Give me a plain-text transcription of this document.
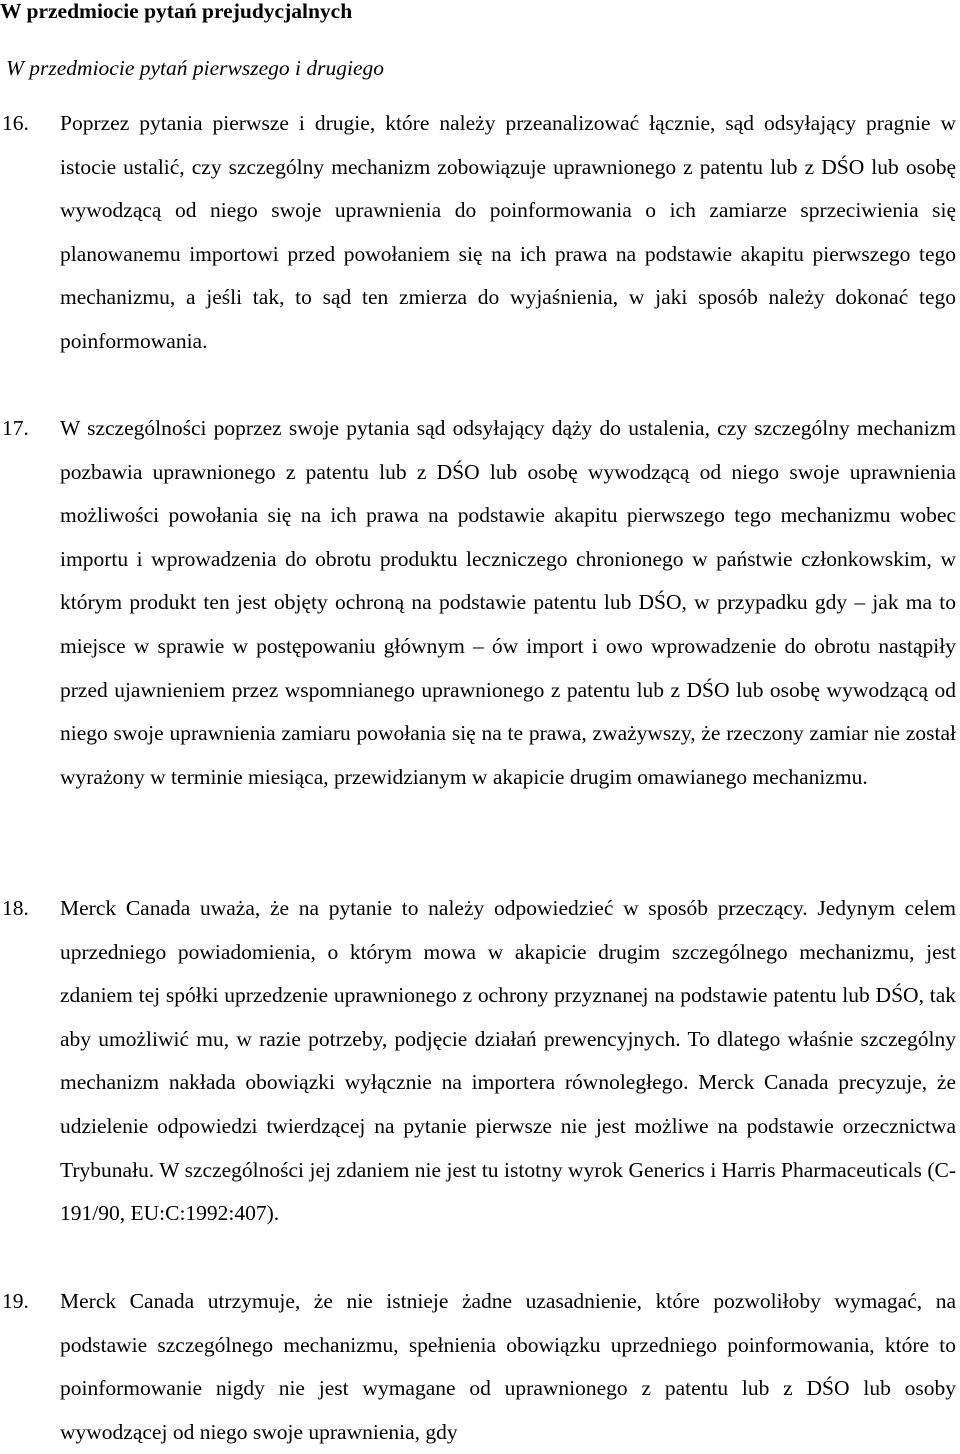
W przedmiocie pytań prejudycjalnych
W przedmiocie pytań pierwszego i drugiego
16. Poprzez pytania pierwsze i drugie, które należy przeanalizować łącznie, sąd odsyłający pragnie w istocie ustalić, czy szczególny mechanizm zobowiązuje uprawnionego z patentu lub z DŚO lub osobę wywodzącą od niego swoje uprawnienia do poinformowania o ich zamiarze sprzeciwienia się planowanemu importowi przed powołaniem się na ich prawa na podstawie akapitu pierwszego tego mechanizmu, a jeśli tak, to sąd ten zmierza do wyjaśnienia, w jaki sposób należy dokonać tego poinformowania.
17. W szczególności poprzez swoje pytania sąd odsyłający dąży do ustalenia, czy szczególny mechanizm pozbawia uprawnionego z patentu lub z DŚO lub osobę wywodzącą od niego swoje uprawnienia możliwości powołania się na ich prawa na podstawie akapitu pierwszego tego mechanizmu wobec importu i wprowadzenia do obrotu produktu leczniczego chronionego w państwie członkowskim, w którym produkt ten jest objęty ochroną na podstawie patentu lub DŚO, w przypadku gdy – jak ma to miejsce w sprawie w postępowaniu głównym – ów import i owo wprowadzenie do obrotu nastąpiły przed ujawnieniem przez wspomnianego uprawnionego z patentu lub z DŚO lub osobę wywodzącą od niego swoje uprawnienia zamiaru powołania się na te prawa, zważywszy, że rzeczony zamiar nie został wyrażony w terminie miesiąca, przewidzianym w akapicie drugim omawianego mechanizmu.
18. Merck Canada uważa, że na pytanie to należy odpowiedzieć w sposób przeczący. Jedynym celem uprzedniego powiadomienia, o którym mowa w akapicie drugim szczególnego mechanizmu, jest zdaniem tej spółki uprzedzenie uprawnionego z ochrony przyznanej na podstawie patentu lub DŚO, tak aby umożliwić mu, w razie potrzeby, podjęcie działań prewencyjnych. To dlatego właśnie szczególny mechanizm nakłada obowiązki wyłącznie na importera równoległego. Merck Canada precyzuje, że udzielenie odpowiedzi twierdzącej na pytanie pierwsze nie jest możliwe na podstawie orzecznictwa Trybunału. W szczególności jej zdaniem nie jest tu istotny wyrok Generics i Harris Pharmaceuticals (C-191/90, EU:C:1992:407).
19. Merck Canada utrzymuje, że nie istnieje żadne uzasadnienie, które pozwoliłoby wymagać, na podstawie szczególnego mechanizmu, spełnienia obowiązku uprzedniego poinformowania, które to poinformowanie nigdy nie jest wymagane od uprawnionego z patentu lub z DŚO lub osoby wywodzącej od niego swoje uprawnienia, gdy
